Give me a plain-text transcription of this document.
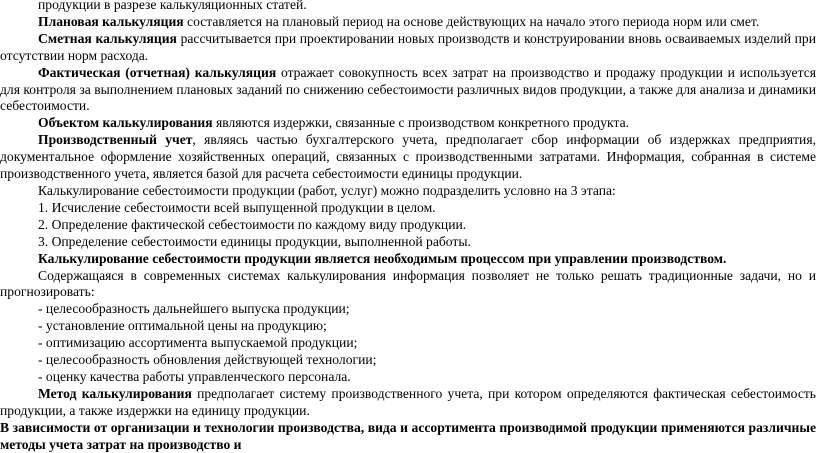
продукции в разрезе калькуляционных статей.

Плановая калькуляция составляется на плановый период на основе действующих на начало этого периода норм или смет.

Сметная калькуляция рассчитывается при проектировании новых производств и конструировании вновь осваиваемых изделий при отсутствии норм расхода.

Фактическая (отчетная) калькуляция отражает совокупность всех затрат на производство и продажу продукции и используется для контроля за выполнением плановых заданий по снижению себестоимости различных видов продукции, а также для анализа и динамики себестоимости.

Объектом калькулирования являются издержки, связанные с производством конкретного продукта.

Производственный учет, являясь частью бухгалтерского учета, предполагает сбор информации об издержках предприятия, документальное оформление хозяйственных операций, связанных с производственными затратами. Информация, собранная в системе производственного учета, является базой для расчета себестоимости единицы продукции.

Калькулирование себестоимости продукции (работ, услуг) можно подразделить условно на 3 этапа:

1. Исчисление себестоимости всей выпущенной продукции в целом.

2. Определение фактической себестоимости по каждому виду продукции.

3. Определение себестоимости единицы продукции, выполненной работы.

Калькулирование себестоимости продукции является необходимым процессом при управлении производством.

Содержащаяся в современных системах калькулирования информация позволяет не только решать традиционные задачи, но и прогнозировать:

- целесообразность дальнейшего выпуска продукции;

- установление оптимальной цены на продукцию;

- оптимизацию ассортимента выпускаемой продукции;

- целесообразность обновления действующей технологии;

- оценку качества работы управленческого персонала.

Метод калькулирования предполагает систему производственного учета, при котором определяются фактическая себестоимость продукции, а также издержки на единицу продукции.

В зависимости от организации и технологии производства, вида и ассортимента производимой продукции применяются различные методы учета затрат на производство и
